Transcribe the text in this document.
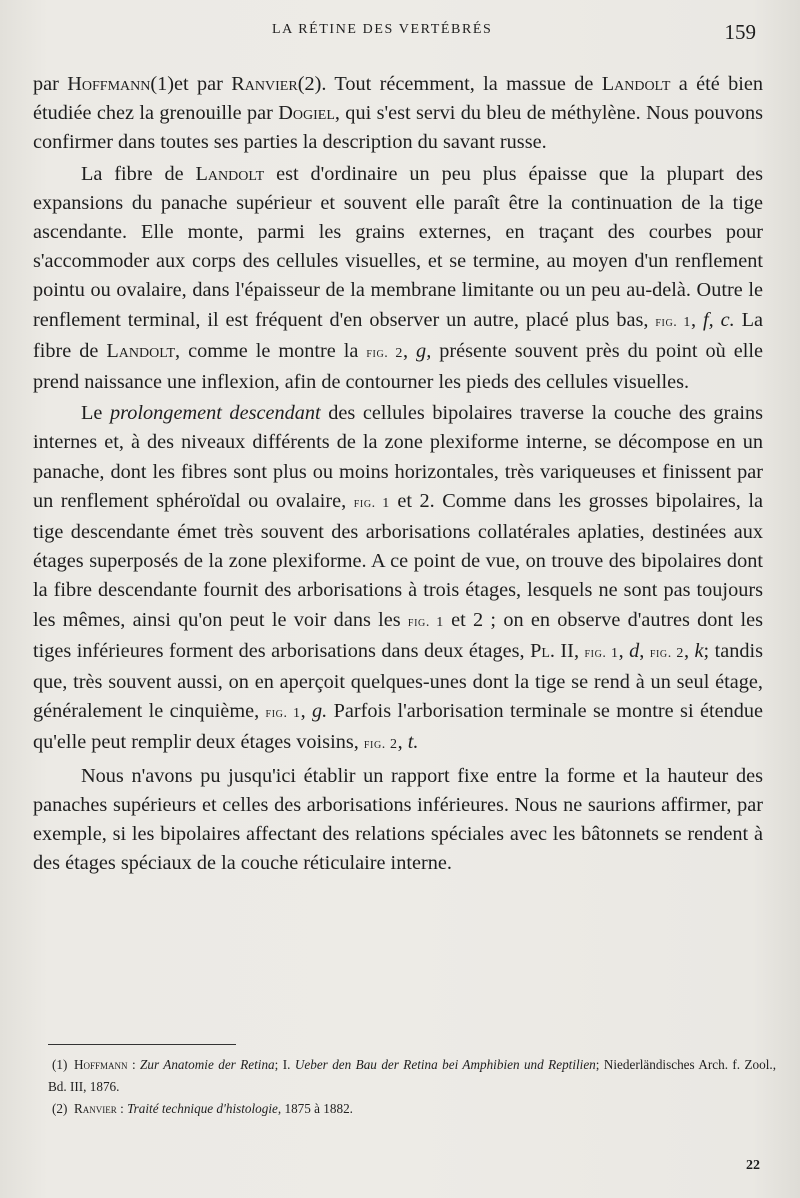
LA RÉTINE DES VERTÉBRÉS	159

par Hoffmann(1)et par Ranvier(2). Tout récemment, la massue de Landolt a été bien étudiée chez la grenouille par Dogiel, qui s'est servi du bleu de méthylène. Nous pouvons confirmer dans toutes ses parties la description du savant russe.

La fibre de Landolt est d'ordinaire un peu plus épaisse que la plupart des expansions du panache supérieur et souvent elle paraît être la continuation de la tige ascendante. Elle monte, parmi les grains externes, en traçant des courbes pour s'accommoder aux corps des cellules visuelles, et se termine, au moyen d'un renflement pointu ou ovalaire, dans l'épaisseur de la membrane limitante ou un peu au-delà. Outre le renflement terminal, il est fréquent d'en observer un autre, placé plus bas, fig. 1, f, c. La fibre de Landolt, comme le montre la fig. 2, g, présente souvent près du point où elle prend naissance une inflexion, afin de contourner les pieds des cellules visuelles.

Le prolongement descendant des cellules bipolaires traverse la couche des grains internes et, à des niveaux différents de la zone plexiforme interne, se décompose en un panache, dont les fibres sont plus ou moins horizontales, très variqueuses et finissent par un renflement sphéroïdal ou ovalaire, fig. 1 et 2. Comme dans les grosses bipolaires, la tige descendante émet très souvent des arborisations collatérales aplaties, destinées aux étages superposés de la zone plexiforme. A ce point de vue, on trouve des bipolaires dont la fibre descendante fournit des arborisations à trois étages, lesquels ne sont pas toujours les mêmes, ainsi qu'on peut le voir dans les fig. 1 et 2 ; on en observe d'autres dont les tiges inférieures forment des arborisations dans deux étages, Pl. II, fig. 1, d, fig. 2, k; tandis que, très souvent aussi, on en aperçoit quelques-unes dont la tige se rend à un seul étage, généralement le cinquième, fig. 1, g. Parfois l'arborisation terminale se montre si étendue qu'elle peut remplir deux étages voisins, fig. 2, t.

Nous n'avons pu jusqu'ici établir un rapport fixe entre la forme et la hauteur des panaches supérieurs et celles des arborisations inférieures. Nous ne saurions affirmer, par exemple, si les bipolaires affectant des relations spéciales avec les bâtonnets se rendent à des étages spéciaux de la couche réticulaire interne.

(1) Hoffmann : Zur Anatomie der Retina; I. Ueber den Bau der Retina bei Amphibien und Reptilien; Niederländisches Arch. f. Zool., Bd. III, 1876.

(2) Ranvier : Traité technique d'histologie, 1875 à 1882.

22
